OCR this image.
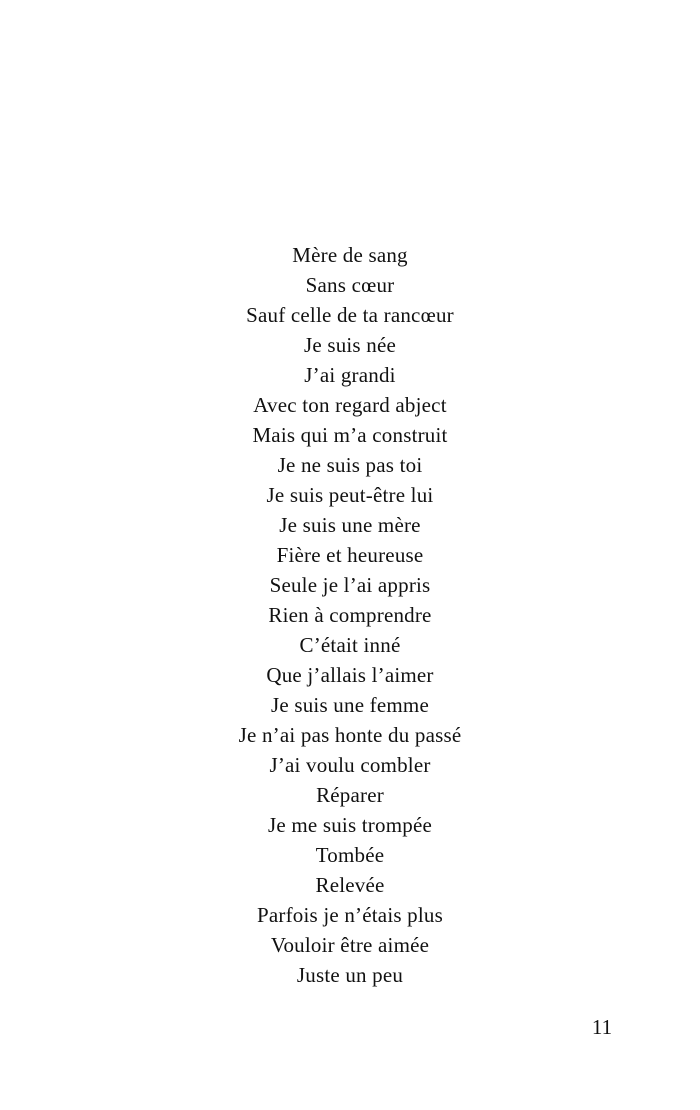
Mère de sang
Sans cœur
Sauf celle de ta rancœur
Je suis née
J’ai grandi
Avec ton regard abject
Mais qui m’a construit
Je ne suis pas toi
Je suis peut-être lui
Je suis une mère
Fière et heureuse
Seule je l’ai appris
Rien à comprendre
C’était inné
Que j’allais l’aimer
Je suis une femme
Je n’ai pas honte du passé
J’ai voulu combler
Réparer
Je me suis trompée
Tombée
Relevée
Parfois je n’étais plus
Vouloir être aimée
Juste un peu
11
